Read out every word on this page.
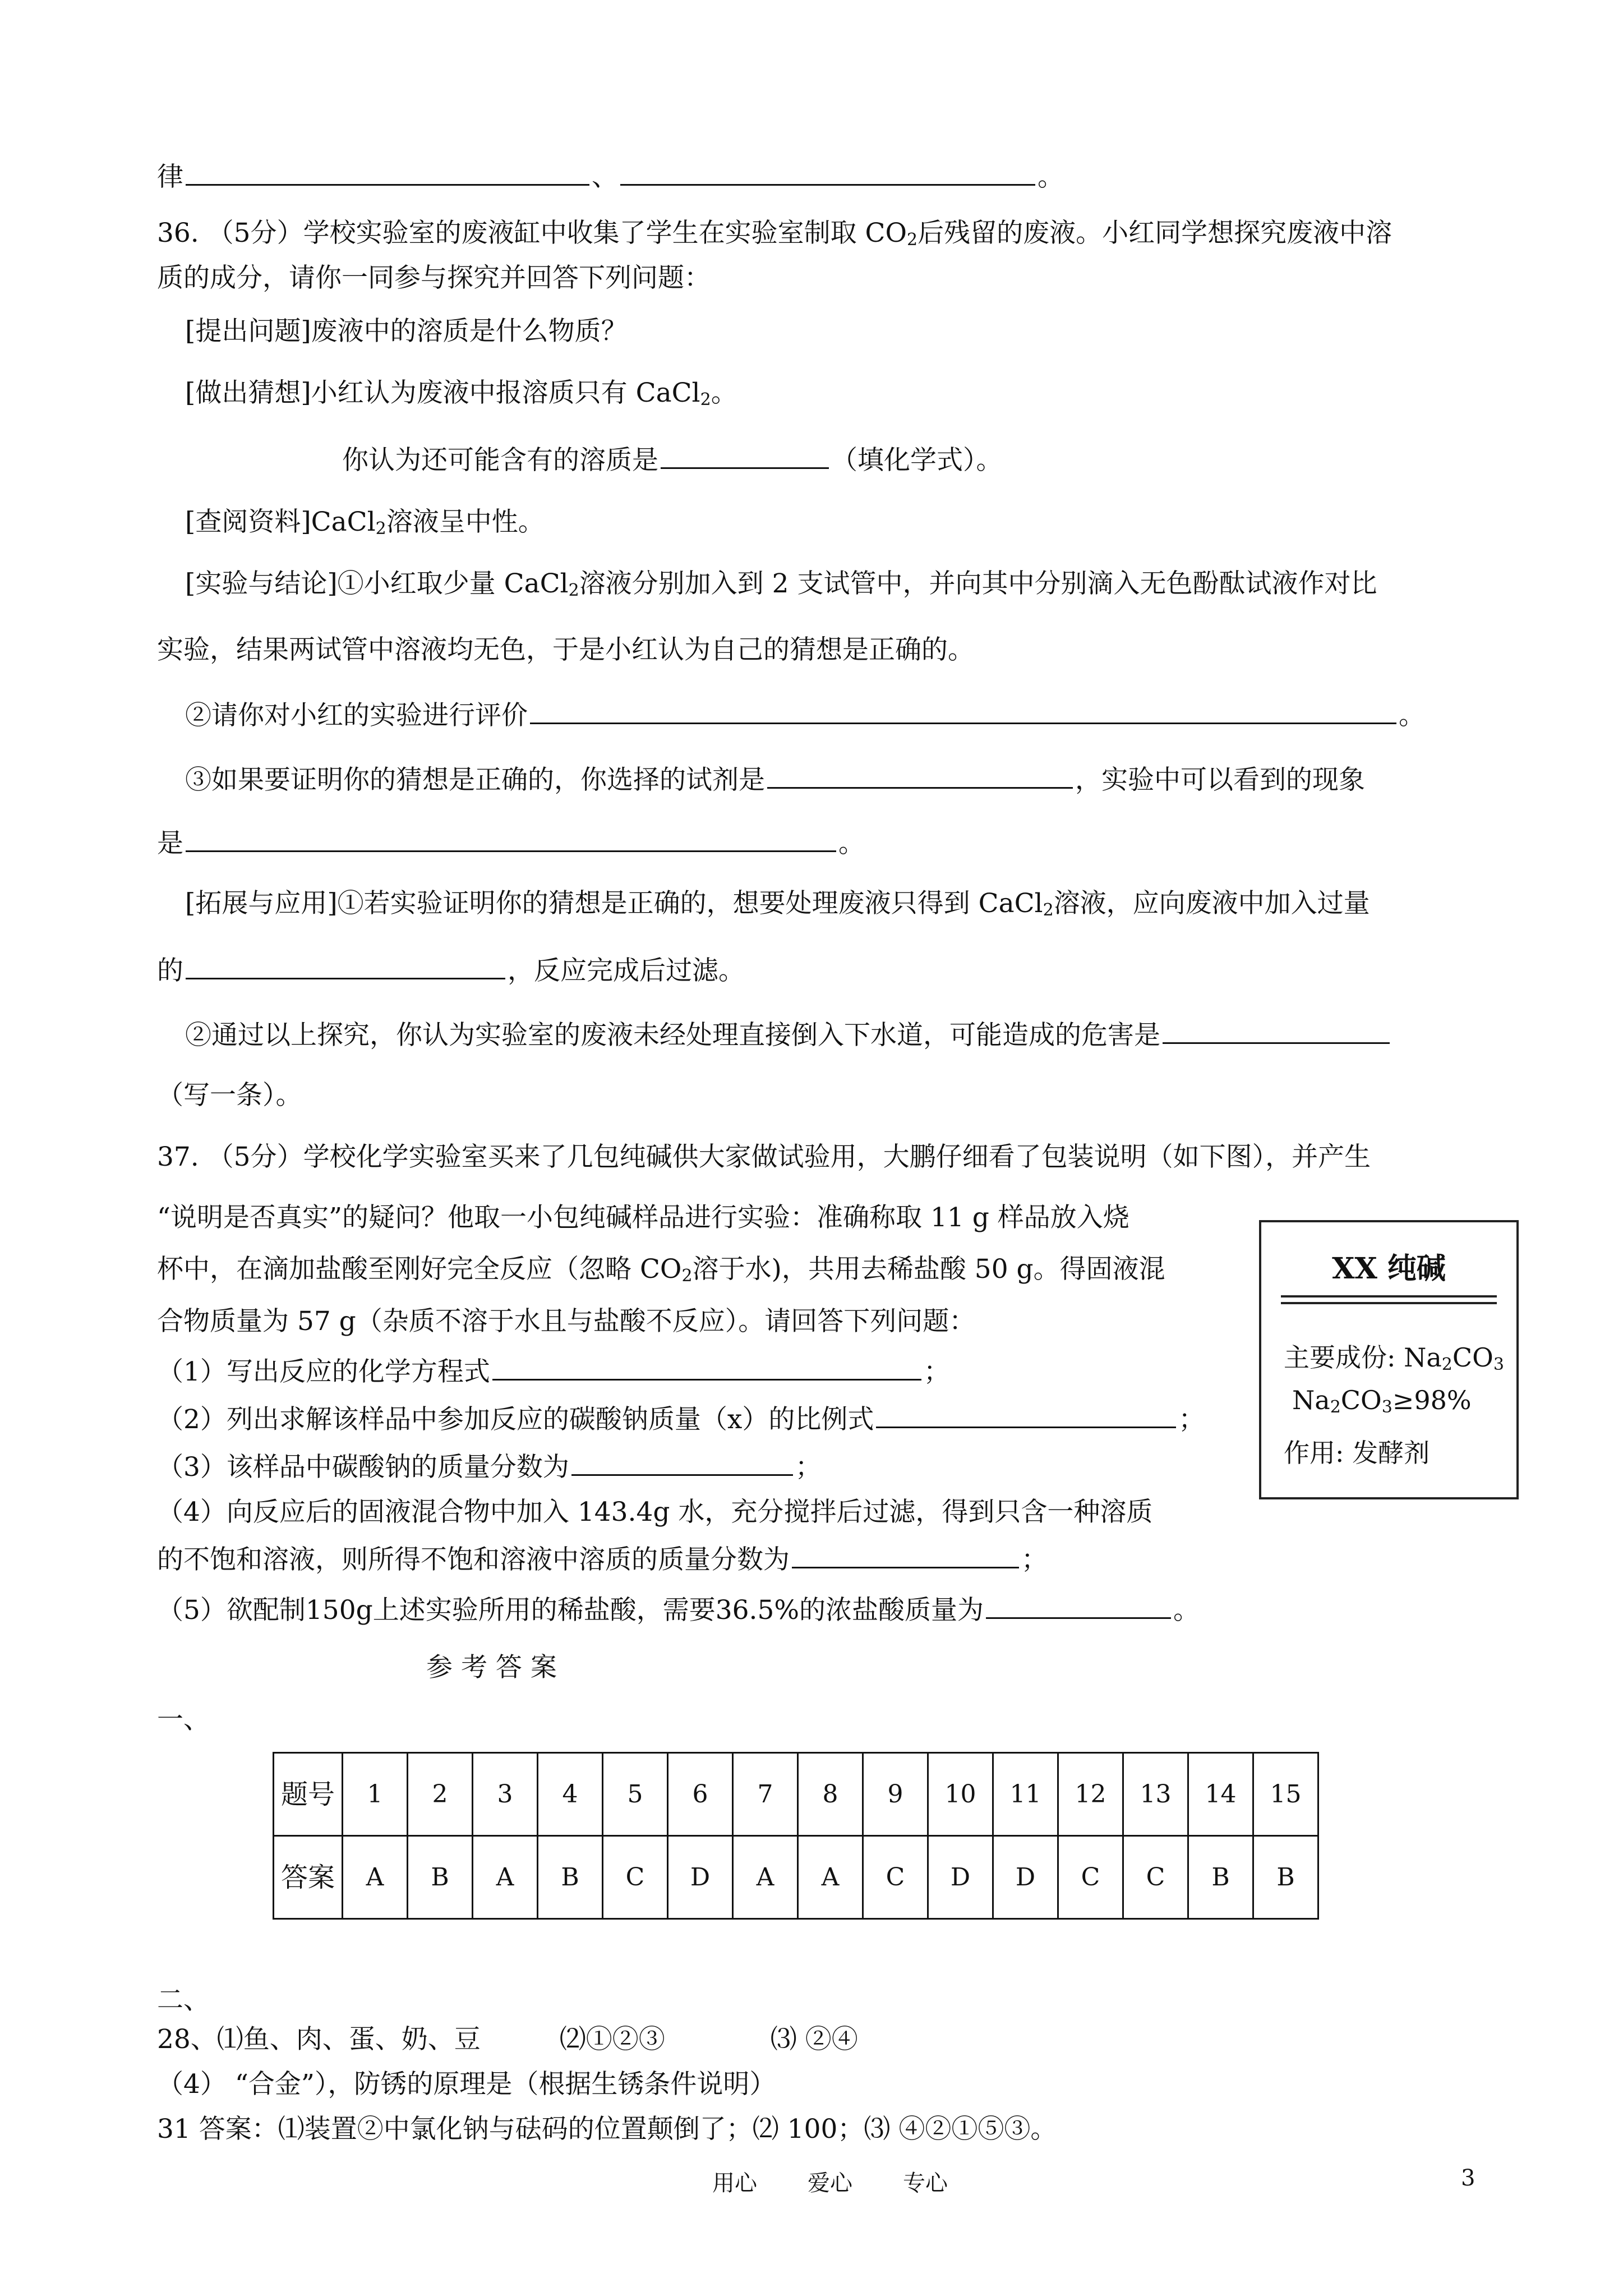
律	、	。
36. （5分）学校实验室的废液缸中收集了学生在实验室制取 $CO_2$后残留的废液。小红同学想探究废液中溶
质的成分，请你一同参与探究并回答下列问题：
[提出问题]废液中的溶质是什么物质？
[做出猜想]小红认为废液中报溶质只有 CaCl$_2$。
你认为还可能含有的溶质是	（填化学式）。
[查阅资料]CaCl$_2$溶液呈中性。
[实验与结论]①小红取少量 CaCl$_2$溶液分别加入到 2 支试管中，并向其中分别滴入无色酚酞试液作对比
实验，结果两试管中溶液均无色，于是小红认为自己的猜想是正确的。
②请你对小红的实验进行评价	。
③如果要证明你的猜想是正确的，你选择的试剂是	，实验中可以看到的现象
是	。
[拓展与应用]①若实验证明你的猜想是正确的，想要处理废液只得到 CaCl$_2$溶液，应向废液中加入过量
的	，反应完成后过滤。
②通过以上探究，你认为实验室的废液未经处理直接倒入下水道，可能造成的危害是
（写一条）。
37. （5分）学校化学实验室买来了几包纯碱供大家做试验用，大鹏仔细看了包装说明（如下图），并产生
“说明是否真实”的疑问？他取一小包纯碱样品进行实验：准确称取 11 g 样品放入烧
杯中，在滴加盐酸至刚好完全反应（忽略 $CO_2$溶于水)，共用去稀盐酸 50 g。得固液混
合物质量为 57 g（杂质不溶于水且与盐酸不反应）。请回答下列问题：
（1）写出反应的化学方程式	；
（2）列出求解该样品中参加反应的碳酸钠质量（x）的比例式	；
（3）该样品中碳酸钠的质量分数为	；
（4）向反应后的固液混合物中加入 143.4g 水，充分搅拌后过滤，得到只含一种溶质
的不饱和溶液，则所得不饱和溶液中溶质的质量分数为	；
（5）欲配制150g上述实验所用的稀盐酸，需要36.5%的浓盐酸质量为	。
XX 纯碱
主要成份: $Na_2CO_3$
$Na_2CO_3\ge 98\%$
作用: 发酵剂
参 考 答 案
一、
题号	1	2	3	4	5	6	7	8	9	10	11	12	13	14	15
答案	A	B	A	B	C	D	A	A	C	D	D	C	C	B	B
二、
28、⑴鱼、肉、蛋、奶、豆　　　⑵①②③　　　　⑶ ②④
（4） “合金”），防锈的原理是（根据生锈条件说明）
31 答案：⑴装置②中氯化钠与砝码的位置颠倒了；⑵ 100；⑶ ④②①⑤③。
用心 爱心 专心	3
